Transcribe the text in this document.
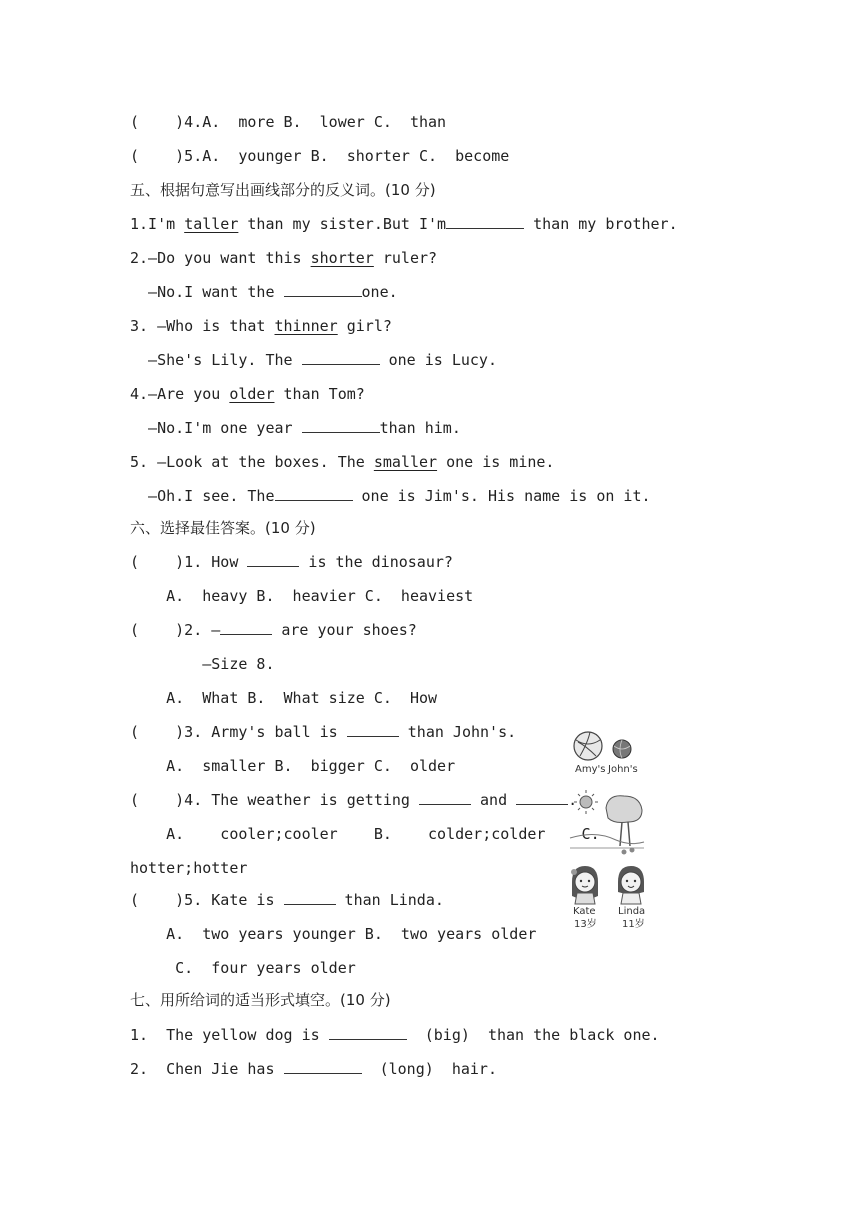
(    )4.A.  more B.  lower C.  than
(    )5.A.  younger B.  shorter C.  become
五、根据句意写出画线部分的反义词。(10 分)
1.I'm taller than my sister.But I'm	than my brother.
2.—Do you want this shorter ruler?
—No.I want the	one.
3. —Who is that thinner girl?
—She's Lily. The	one is Lucy.
4.—Are you older than Tom?
—No.I'm one year	than him.
5. —Look at the boxes. The smaller one is mine.
—Oh.I see. The	one is Jim's. His name is on it.
六、选择最佳答案。(10 分)
(    )1. How	is the dinosaur?
A.  heavy B.  heavier C.  heaviest
(    )2. —	are your shoes?
—Size 8.
A.  What B.  What size C.  How
(    )3. Army's ball is	than John's.
A.  smaller B.  bigger C.  older
(    )4. The weather is getting	and	.
A.    cooler;cooler    B.    colder;colder    C.
hotter;hotter
(    )5. Kate is	than Linda.
A.  two years younger B.  two years older
C.  four years older
七、用所给词的适当形式填空。(10 分)
1.  The yellow dog is	(big)  than the black one.
2.  Chen Jie has	(long)  hair.
Amy's John's
Kate Linda
13岁	11岁
